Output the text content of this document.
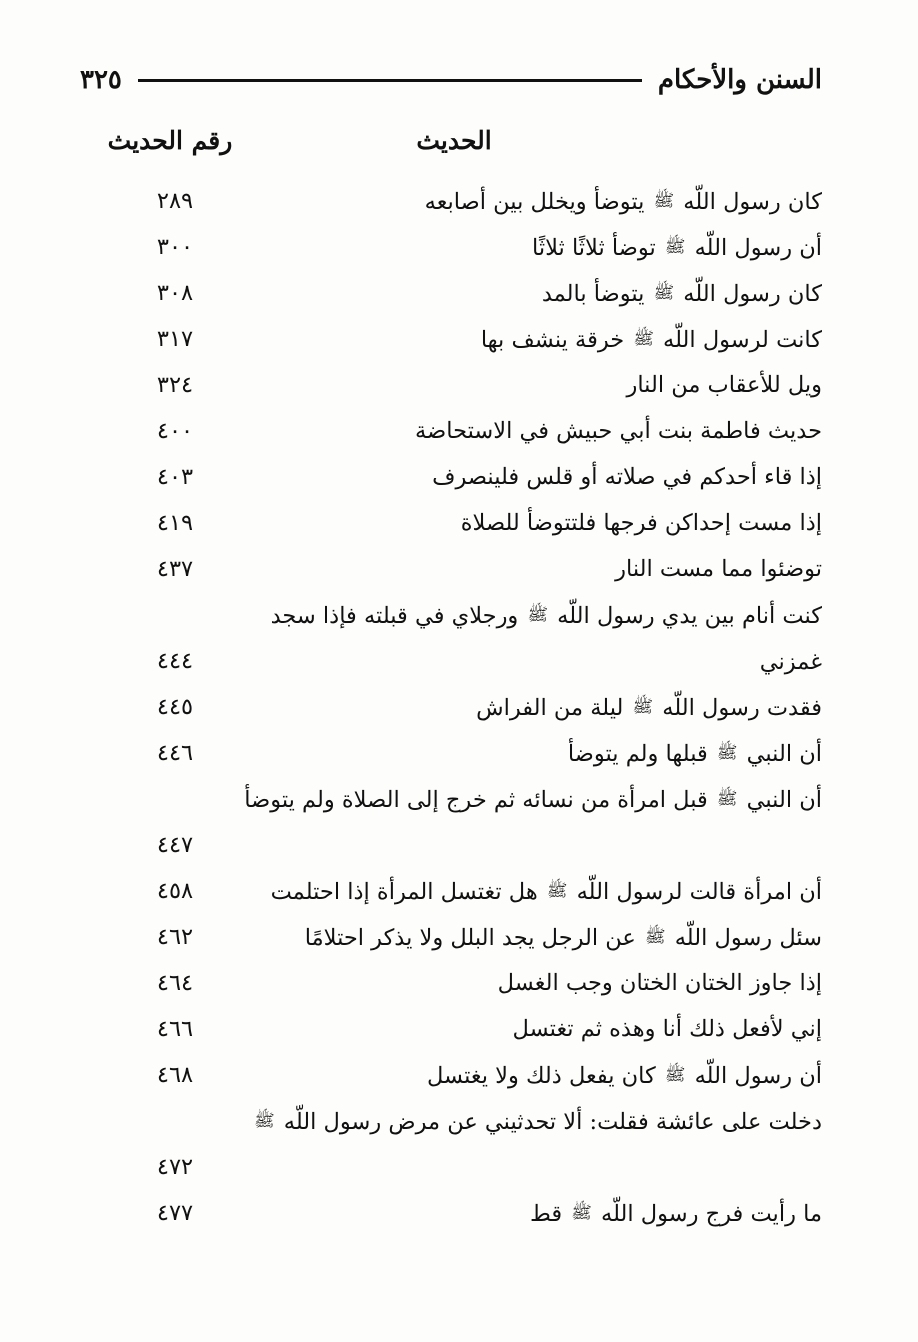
السنن والأحكام
٣٢٥
الحديث
رقم الحديث
كان رسول اللّه ﷺ يتوضأ ويخلل بين أصابعه
٢٨٩
أن رسول اللّه ﷺ توضأ ثلاثًا ثلاثًا
٣٠٠
كان رسول اللّه ﷺ يتوضأ بالمد
٣٠٨
كانت لرسول اللّه ﷺ خرقة ينشف بها
٣١٧
ويل للأعقاب من النار
٣٢٤
حديث فاطمة بنت أبي حبيش في الاستحاضة
٤٠٠
إذا قاء أحدكم في صلاته أو قلس فلينصرف
٤٠٣
إذا مست إحداكن فرجها فلتتوضأ للصلاة
٤١٩
توضئوا مما مست النار
٤٣٧
كنت أنام بين يدي رسول اللّه ﷺ ورجلاي في قبلته فإذا سجد غمزني
٤٤٤
فقدت رسول اللّه ﷺ ليلة من الفراش
٤٤٥
أن النبي ﷺ قبلها ولم يتوضأ
٤٤٦
أن النبي ﷺ قبل امرأة من نسائه ثم خرج إلى الصلاة ولم يتوضأ
٤٤٧
أن امرأة قالت لرسول اللّه ﷺ هل تغتسل المرأة إذا احتلمت
٤٥٨
سئل رسول اللّه ﷺ عن الرجل يجد البلل ولا يذكر احتلامًا
٤٦٢
إذا جاوز الختان الختان وجب الغسل
٤٦٤
إني لأفعل ذلك أنا وهذه ثم تغتسل
٤٦٦
أن رسول اللّه ﷺ كان يفعل ذلك ولا يغتسل
٤٦٨
دخلت على عائشة فقلت: ألا تحدثيني عن مرض رسول اللّه ﷺ
٤٧٢
ما رأيت فرج رسول اللّه ﷺ قط
٤٧٧
